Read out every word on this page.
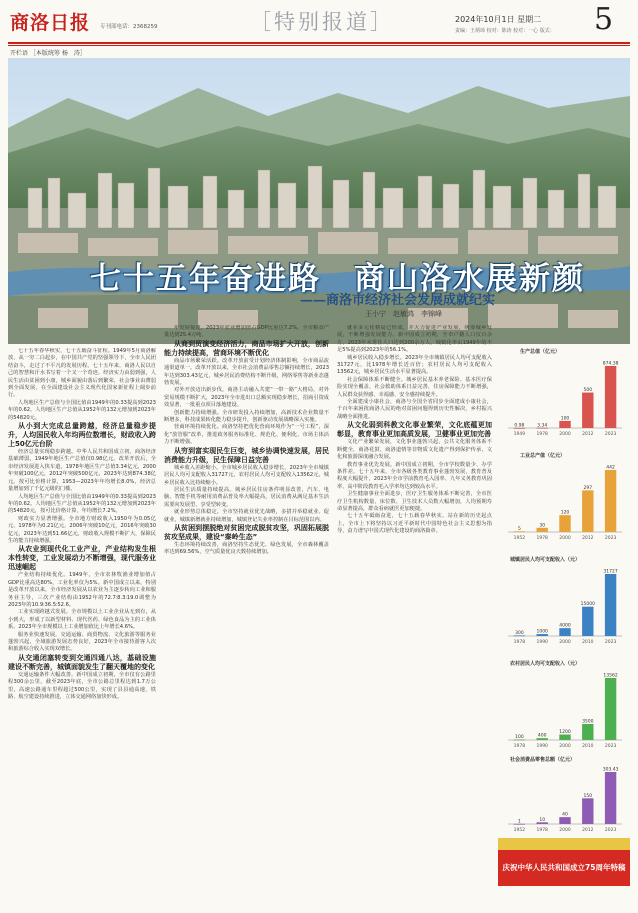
商洛日报 专刊部电话：2368259	［特别报道］	2024年10月1日 星期二 5
责编：王炳璋 校对：陈涛 校对：一心 版式：
开栏语 ［本版统筹 杨　涛］
七十五年奋进路　商山洛水展新颜
——商洛市经济社会发展成就纪实
王小宁　赵敏鸿　李锦峰

七十五年春华秋实，七十五载奋斗征程。1949年5月商洛解放，从一穷二白起步，在中国共产党的坚强领导下，全市人民团结奋斗，走过了不平凡的发展历程。七十五年来，商洛人民以自己的智慧和汗水书写着一个又一个奇迹。经济实力由弱到强，人民生活由贫困到小康，城乡面貌由落后到繁荣，社会事业由薄弱到全面发展，在全面建设社会主义现代化国家新征程上阔步前行。

人均地区生产总值与全国比值由1949年的0.33提高到2023年的0.62。人均地区生产总值从1952年的132元增加到2023年的54820元。

从小到大完成总量跨越，经济总量稳步提升，人均国民收入年均两位数增长，财政收入跨上50亿元台阶

经济总量实现稳步跨越。中华人民共和国成立初，商洛经济基础薄弱，1949年地区生产总值仅0.98亿元。改革开放后，全市经济发展进入快车道，1978年地区生产总值3.34亿元，2000年突破100亿元，2012年突破500亿元，2023年达到874.38亿元。按可比价格计算，1953—2023年年均增长8.0%，经济总量增加到了千亿元级的门槛。

人均地区生产总值与全国比值由1949年的0.33提高到2023年的0.62。人均地区生产总值从1952年的132元增加到2023年的54820元，按可比价格计算，年均增长7.2%。

财政实力显著增强。全市地方财政收入1950年为0.05亿元，1978年为0.21亿元，2006年突破10亿元，2016年突破30亿元，2023年达到51.66亿元，财政收入规模不断扩大，保障民生的能力持续增强。

从农业到现代化工业产业，产业结构发生根本性转变，工业发展动力不断增强，现代服务业迅速崛起

产业结构持续优化。1949年，全市农林牧渔业增加值占GDP比重高达80%，工业化率仅为5%。新中国成立以来，特别是改革开放以来，全市经济发展从以农业为主逐步转向工业和服务业主导，三次产业结构由1952年的72.7∶8.3∶19.0调整为2023年的10.9∶36.5∶52.6。

工业实现跨越式发展。全市规模以上工业企业从无到有，从小到大，形成了以新型材料、现代医药、绿色食品为主的工业体系。2023年全市规模以上工业增加值比上年增长4.6%。

服务业快速发展。交通运输、商贸物流、文化旅游等服务业蓬勃兴起，全域旅游发展态势良好，2023年全市接待游客人次和旅游综合收入实现双增长。

从交通闭塞转变到交通四通八达，基础设施建设不断完善，城镇面貌发生了翻天覆地的变化

交通运输条件大幅改善。新中国成立初期，全市仅有公路里程300余公里。截至2023年底，全市公路总里程达到1.7万公里，高速公路通车里程超过500公里，实现了县县通高速，铁路、航空建设持续推进，立体交通网络加快形成。

年发展提速，2023年农业增加值占GDP比重达7.2%，全市粮食产量达到25.4万吨。

从商到贸演变经济活力，商品市场扩大开放，创新能力持续提高，营商环境不断优化

商品市场繁荣活跃。改革开放前受计划经济体制影响，全市商品流通渠道单一。改革开放以来，全市社会消费品零售总额持续增长，2023年达到303.43亿元，城乡居民消费结构不断升级，网络零售等新业态蓬勃发展。

对外开放迈出新步伐。商洛主动融入共建“一带一路”大格局，对外贸易规模不断扩大，2023年全市进出口总额实现稳步增长，招商引资成效显著，一批重点项目落地建设。

创新能力持续增强。全市研发投入持续增加，高新技术企业数量不断增多，科技成果转化能力稳步提升，创新驱动发展战略深入实施。

营商环境持续优化。商洛坚持把优化营商环境作为“一号工程”，深化“放管服”改革，推进政务服务标准化、规范化、便利化，市场主体活力不断增强。

从穷到富实现民生巨变，城乡协调快速发展，居民消费能力升级，民生保障日益完善

城乡收入差距缩小。全市城乡居民收入稳步增长，2023年全市城镇居民人均可支配收入31727元，农村居民人均可支配收入13562元，城乡居民收入比持续缩小。

居民生活质量持续提高。城乡居民住房条件明显改善，汽车、电脑、智能手机等耐用消费品普及率大幅提高，居民消费从满足基本生活需要向发展型、享受型转变。

就业形势总体稳定。全市坚持就业优先战略，多措并举稳就业、促就业，城镇新增就业持续增加，城镇登记失业率控制在目标范围以内。

从贫困到摆脱绝对贫困完成脱贫攻坚，巩固拓展脱贫攻坚成果，建设“秦岭生态”

生态环境持续改善，商洛坚持生态优先、绿色发展，全市森林覆盖率达到69.56%，空气质量优良天数持续增加。

就业多元化格局已形成，并大力促进产业发展，统筹城乡发展，不断增强发展能力。新中国成立初期，全市户籍人口仅百余万，2023年末常住人口达到200余万人，城镇化率由1949年的不足5%提高到2023年的56.1%。

城乡居民收入稳步增长。2023年全市城镇居民人均可支配收入31727元，比1978年增长近百倍；农村居民人均可支配收入13562元，城乡居民生活水平显著提高。

社会保障体系不断健全。城乡居民基本养老保险、基本医疗保险实现全覆盖，社会救助体系日益完善，住房保障能力不断增强，人民群众获得感、幸福感、安全感持续提升。

全面建成小康社会，商洛与全国全省同步全面建成小康社会，千百年来困扰商洛人民的绝对贫困问题得到历史性解决，乡村振兴战略全面推进。

从文化弱到科教文化事业繁荣，文化底蕴更加彰显，教育事业更加高质发展，卫健事业更加完善

文化产业繁荣发展，文化事业蓬勃兴起，公共文化服务体系不断健全，商洛花鼓、商洛道情等非物质文化遗产得到保护传承，文化和旅游深度融合发展。

教育事业优先发展。新中国成立初期，全市学校数量少、办学条件差。七十五年来，全市各级各类教育事业蓬勃发展，教育普及程度大幅提升，2023年全市学前教育毛入园率、九年义务教育巩固率、高中阶段教育毛入学率均达到较高水平。

卫生健康事业全面进步，医疗卫生服务体系不断完善，全市医疗卫生机构数量、床位数、卫生技术人员数大幅增加，人均预期寿命显著提高，群众看病就医更加便捷。

七十五年砥砺奋进，七十五载春华秋实。站在新的历史起点上，全市上下将坚持以习近平新时代中国特色社会主义思想为指导，奋力谱写中国式现代化建设的商洛篇章。

生产总值（亿元）
0.98
1949
3.34
1978
100
2000
500
2012
874.38
2023
工业总产值（亿元）
5
1952
30
1978
120
2000
297
2012
442
2023
城镇居民人均可支配收入（元）
300
1978
1000
1990
4000
2000
15000
2010
31727
2023
农村居民人均可支配收入（元）
100
1978
400
1990
1200
2000
3500
2010
13562
2023
社会消费品零售总额（亿元）
1
1952
10
1978
40
2000
150
2012
303.43
2023
庆祝中华人民共和国成立75周年特稿
